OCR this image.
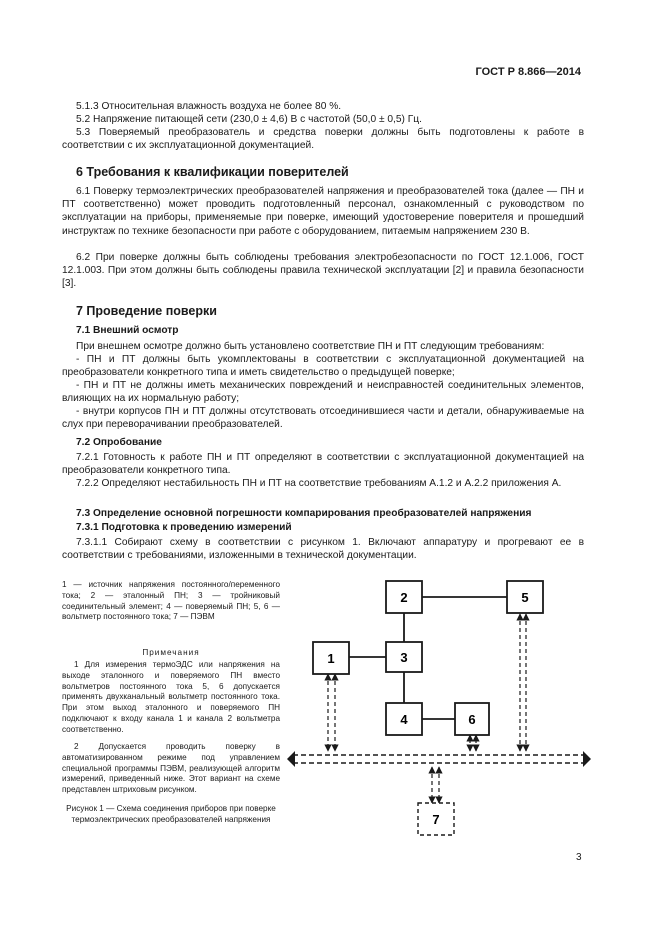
ГОСТ Р 8.866—2014
5.1.3 Относительная влажность воздуха не более 80 %.
5.2 Напряжение питающей сети (230,0 ± 4,6) В с частотой (50,0 ± 0,5) Гц.
5.3 Поверяемый преобразователь и средства поверки должны быть подготовлены к работе в соответствии с их эксплуатационной документацией.
6 Требования к квалификации поверителей
6.1 Поверку термоэлектрических преобразователей напряжения и преобразователей тока (далее — ПН и ПТ соответственно) может проводить подготовленный персонал, ознакомленный с руководством по эксплуатации на приборы, применяемые при поверке, имеющий удостоверение поверителя и прошедший инструктаж по технике безопасности при работе с оборудованием, питаемым напряжением 230 В.
6.2 При поверке должны быть соблюдены требования электробезопасности по ГОСТ 12.1.006, ГОСТ 12.1.003. При этом должны быть соблюдены правила технической эксплуатации [2] и правила безопасности [3].
7 Проведение поверки
7.1 Внешний осмотр
При внешнем осмотре должно быть установлено соответствие ПН и ПТ следующим требованиям:
- ПН и ПТ должны быть укомплектованы в соответствии с эксплуатационной документацией на преобразователи конкретного типа и иметь свидетельство о предыдущей поверке;
- ПН и ПТ не должны иметь механических повреждений и неисправностей соединительных элементов, влияющих на их нормальную работу;
- внутри корпусов ПН и ПТ должны отсутствовать отсоединившиеся части и детали, обнаруживаемые на слух при переворачивании преобразователей.
7.2 Опробование
7.2.1 Готовность к работе ПН и ПТ определяют в соответствии с эксплуатационной документацией на преобразователи конкретного типа.
7.2.2 Определяют нестабильность ПН и ПТ на соответствие требованиям А.1.2 и А.2.2 приложения А.
7.3 Определение основной погрешности компарирования преобразователей напряжения
7.3.1 Подготовка к проведению измерений
7.3.1.1 Собирают схему в соответствии с рисунком 1. Включают аппаратуру и прогревают ее в соответствии с требованиями, изложенными в технической документации.
1 — источник напряжения постоянного/переменного тока; 2 — эталонный ПН; 3 — тройниковый соединительный элемент; 4 — поверяемый ПН; 5, 6 — вольтметр постоянного тока; 7 — ПЭВМ
Примечания
1 Для измерения термоЭДС или напряжения на выходе эталонного и поверяемого ПН вместо вольтметров постоянного тока 5, 6 допускается применять двухканальный вольтметр постоянного тока. При этом выход эталонного и поверяемого ПН подключают к входу канала 1 и канала 2 вольтметра соответственно.
2 Допускается проводить поверку в автоматизированном режиме под управлением специальной программы ПЭВМ, реализующей алгоритм измерений, приведенный ниже. Этот вариант на схеме представлен штриховым рисунком.
Рисунок 1 — Схема соединения приборов при поверке термоэлектрических преобразователей напряжения
2	5
1	3
4	6
7
3
